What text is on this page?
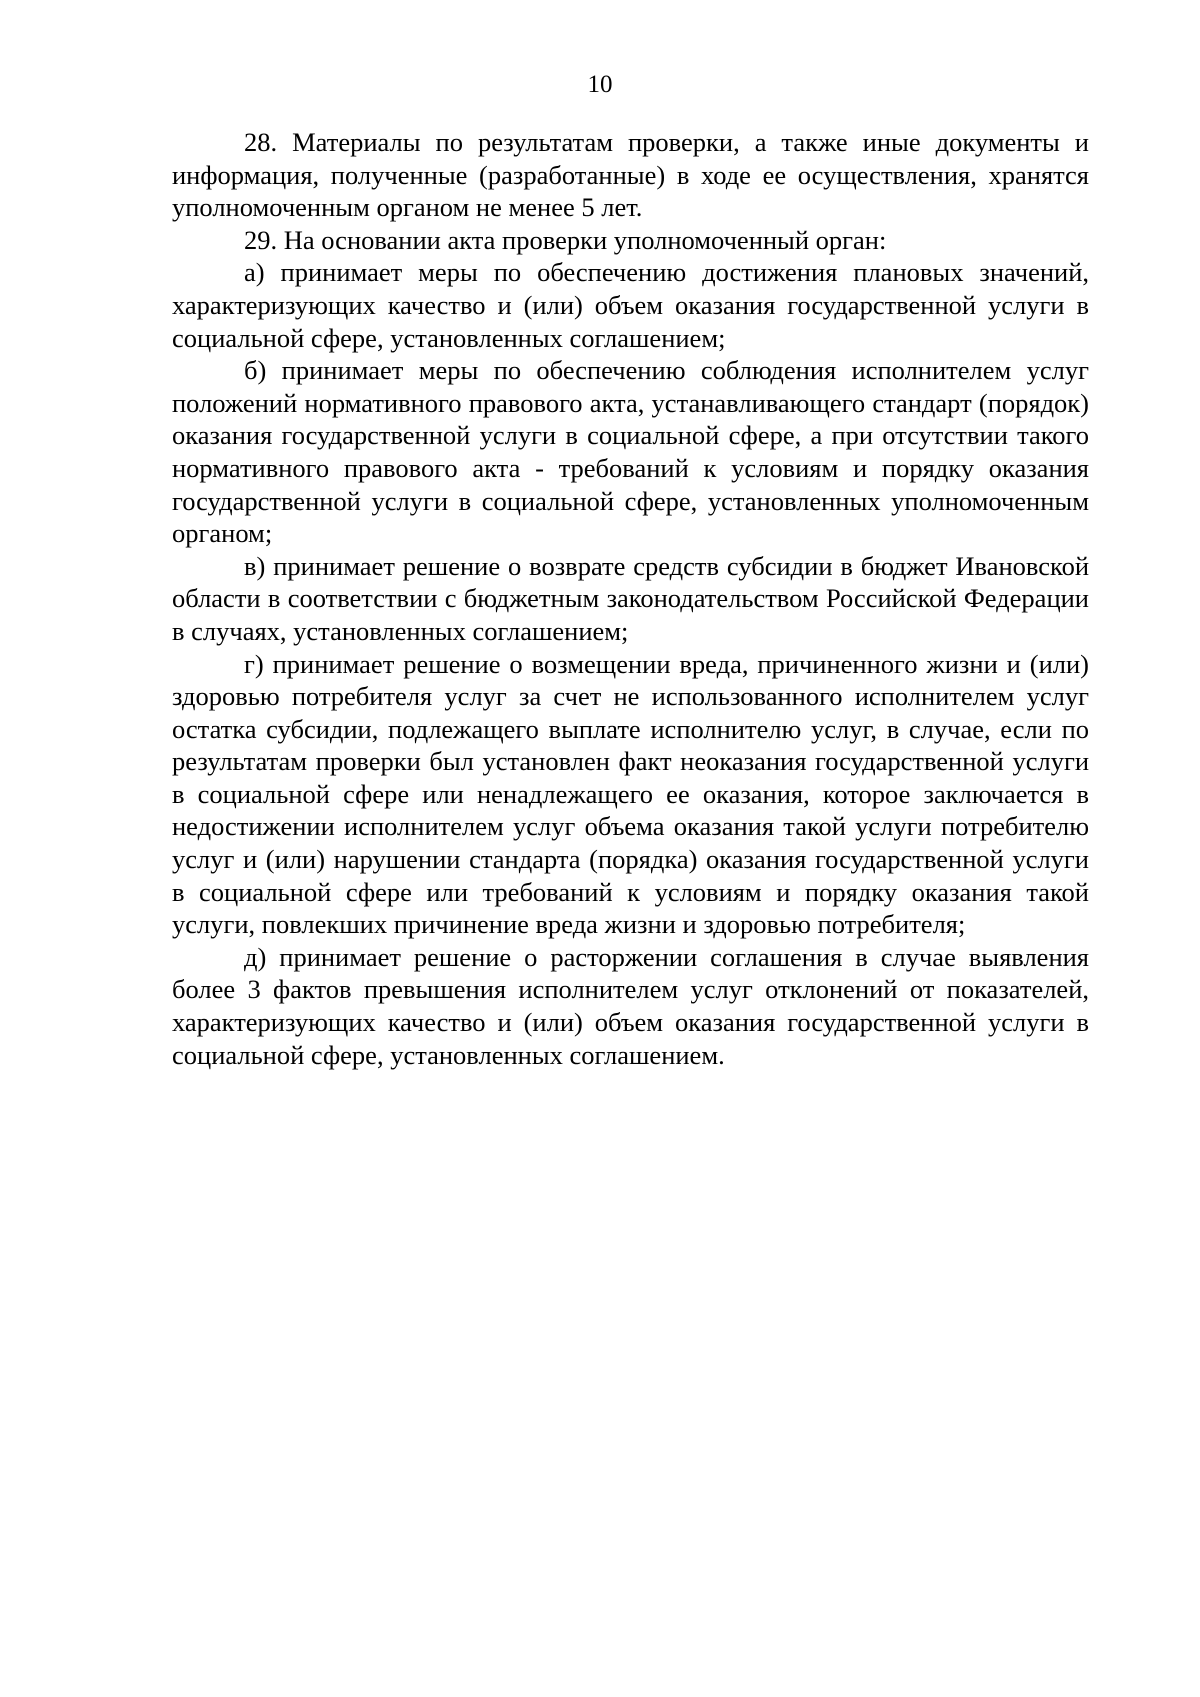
10

28. Материалы по результатам проверки, а также иные документы и информация, полученные (разработанные) в ходе ее осуществления, хранятся уполномоченным органом не менее 5 лет.

29. На основании акта проверки уполномоченный орган:

а) принимает меры по обеспечению достижения плановых значений, характеризующих качество и (или) объем оказания государственной услуги в социальной сфере, установленных соглашением;

б) принимает меры по обеспечению соблюдения исполнителем услуг положений нормативного правового акта, устанавливающего стандарт (порядок) оказания государственной услуги в социальной сфере, а при отсутствии такого нормативного правового акта - требований к условиям и порядку оказания государственной услуги в социальной сфере, установленных уполномоченным органом;

в) принимает решение о возврате средств субсидии в бюджет Ивановской области в соответствии с бюджетным законодательством Российской Федерации в случаях, установленных соглашением;

г) принимает решение о возмещении вреда, причиненного жизни и (или) здоровью потребителя услуг за счет не использованного исполнителем услуг остатка субсидии, подлежащего выплате исполнителю услуг, в случае, если по результатам проверки был установлен факт неоказания государственной услуги в социальной сфере или ненадлежащего ее оказания, которое заключается в недостижении исполнителем услуг объема оказания такой услуги потребителю услуг и (или) нарушении стандарта (порядка) оказания государственной услуги в социальной сфере или требований к условиям и порядку оказания такой услуги, повлекших причинение вреда жизни и здоровью потребителя;

д) принимает решение о расторжении соглашения в случае выявления более 3 фактов превышения исполнителем услуг отклонений от показателей, характеризующих качество и (или) объем оказания государственной услуги в социальной сфере, установленных соглашением.
